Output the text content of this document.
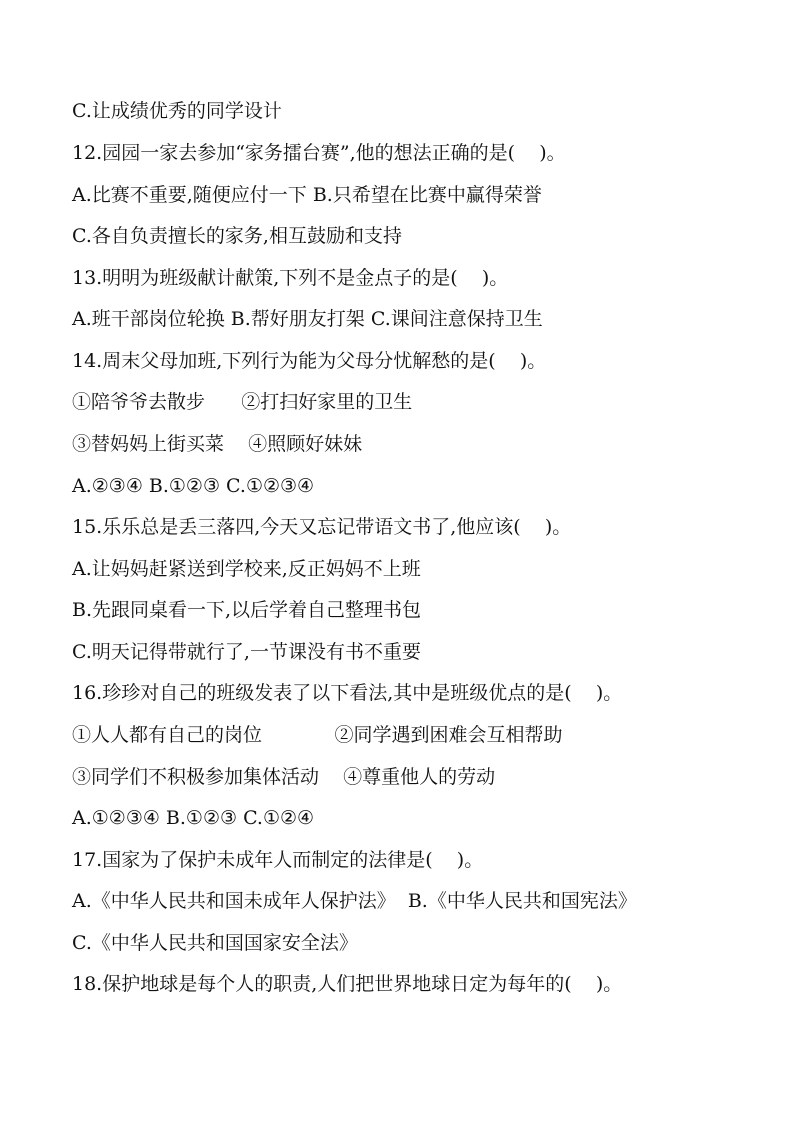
C.让成绩优秀的同学设计
12.园园一家去参加“家务擂台赛”,他的想法正确的是(    )。
A.比赛不重要,随便应付一下 B.只希望在比赛中赢得荣誉
C.各自负责擅长的家务,相互鼓励和支持
13.明明为班级献计献策,下列不是金点子的是(    )。
A.班干部岗位轮换 B.帮好朋友打架 C.课间注意保持卫生
14.周末父母加班,下列行为能为父母分忧解愁的是(    )。
①陪爷爷去散步      ②打扫好家里的卫生
③替妈妈上街买菜    ④照顾好妹妹
A.②③④ B.①②③ C.①②③④
15.乐乐总是丢三落四,今天又忘记带语文书了,他应该(    )。
A.让妈妈赶紧送到学校来,反正妈妈不上班
B.先跟同桌看一下,以后学着自己整理书包
C.明天记得带就行了,一节课没有书不重要
16.珍珍对自己的班级发表了以下看法,其中是班级优点的是(    )。
①人人都有自己的岗位            ②同学遇到困难会互相帮助
③同学们不积极参加集体活动    ④尊重他人的劳动
A.①②③④ B.①②③ C.①②④
17.国家为了保护未成年人而制定的法律是(    )。
A.《中华人民共和国未成年人保护法》  B.《中华人民共和国宪法》
C.《中华人民共和国国家安全法》
18.保护地球是每个人的职责,人们把世界地球日定为每年的(    )。
